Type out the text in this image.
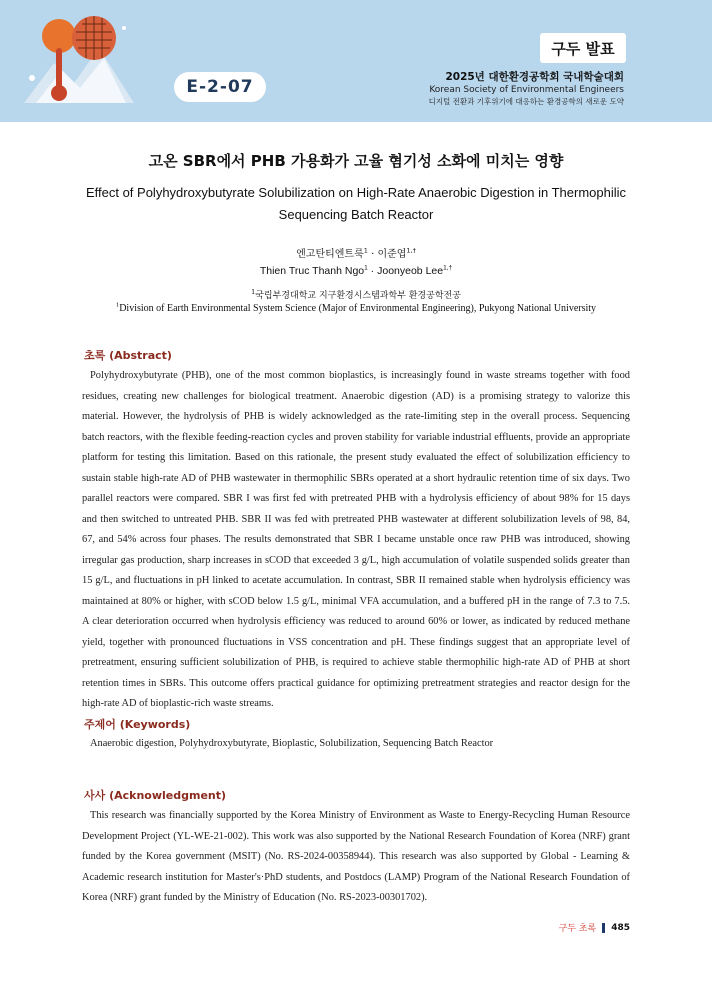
E-2-07
구두 발표
2025년 대한환경공학회 국내학술대회
Korean Society of Environmental Engineers
디지털 전환과 기후위기에 대응하는 환경공학의 새로운 도약
고온 SBR에서 PHB 가용화가 고율 혐기성 소화에 미치는 영향
Effect of Polyhydroxybutyrate Solubilization on High-Rate Anaerobic Digestion in Thermophilic Sequencing Batch Reactor
엔고탄티엔트룩$^1$ · 이준엽$^{1,\dagger}$
Thien Truc Thanh Ngo$^1$ · Joonyeob Lee$^{1,\dagger}$
$^1$국립부경대학교 지구환경시스템과학부 환경공학전공
$^1$Division of Earth Environmental System Science (Major of Environmental Engineering), Pukyong National University
초록 (Abstract)
Polyhydroxybutyrate (PHB), one of the most common bioplastics, is increasingly found in waste streams together with food residues, creating new challenges for biological treatment. Anaerobic digestion (AD) is a promising strategy to valorize this material. However, the hydrolysis of PHB is widely acknowledged as the rate-limiting step in the overall process. Sequencing batch reactors, with the flexible feeding-reaction cycles and proven stability for variable industrial effluents, provide an appropriate platform for testing this limitation. Based on this rationale, the present study evaluated the effect of solubilization efficiency to sustain stable high-rate AD of PHB wastewater in thermophilic SBRs operated at a short hydraulic retention time of six days. Two parallel reactors were compared. SBR I was first fed with pretreated PHB with a hydrolysis efficiency of about 98% for 15 days and then switched to untreated PHB. SBR II was fed with pretreated PHB wastewater at different solubilization levels of 98, 84, 67, and 54% across four phases. The results demonstrated that SBR I became unstable once raw PHB was introduced, showing irregular gas production, sharp increases in sCOD that exceeded 3 g/L, high accumulation of volatile suspended solids greater than 15 g/L, and fluctuations in pH linked to acetate accumulation. In contrast, SBR II remained stable when hydrolysis efficiency was maintained at 80% or higher, with sCOD below 1.5 g/L, minimal VFA accumulation, and a buffered pH in the range of 7.3 to 7.5. A clear deterioration occurred when hydrolysis efficiency was reduced to around 60% or lower, as indicated by reduced methane yield, together with pronounced fluctuations in VSS concentration and pH. These findings suggest that an appropriate level of pretreatment, ensuring sufficient solubilization of PHB, is required to achieve stable thermophilic high-rate AD of PHB at short retention times in SBRs. This outcome offers practical guidance for optimizing pretreatment strategies and reactor design for the high-rate AD of bioplastic-rich waste streams.
주제어 (Keywords)
Anaerobic digestion, Polyhydroxybutyrate, Bioplastic, Solubilization, Sequencing Batch Reactor
사사 (Acknowledgment)
This research was financially supported by the Korea Ministry of Environment as Waste to Energy-Recycling Human Resource Development Project (YL-WE-21-002). This work was also supported by the National Research Foundation of Korea (NRF) grant funded by the Korea government (MSIT) (No. RS-2024-00358944). This research was also supported by Global - Learning & Academic research institution for Master's·PhD students, and Postdocs (LAMP) Program of the National Research Foundation of Korea (NRF) grant funded by the Ministry of Education (No. RS-2023-00301702).
구두 초록 485
